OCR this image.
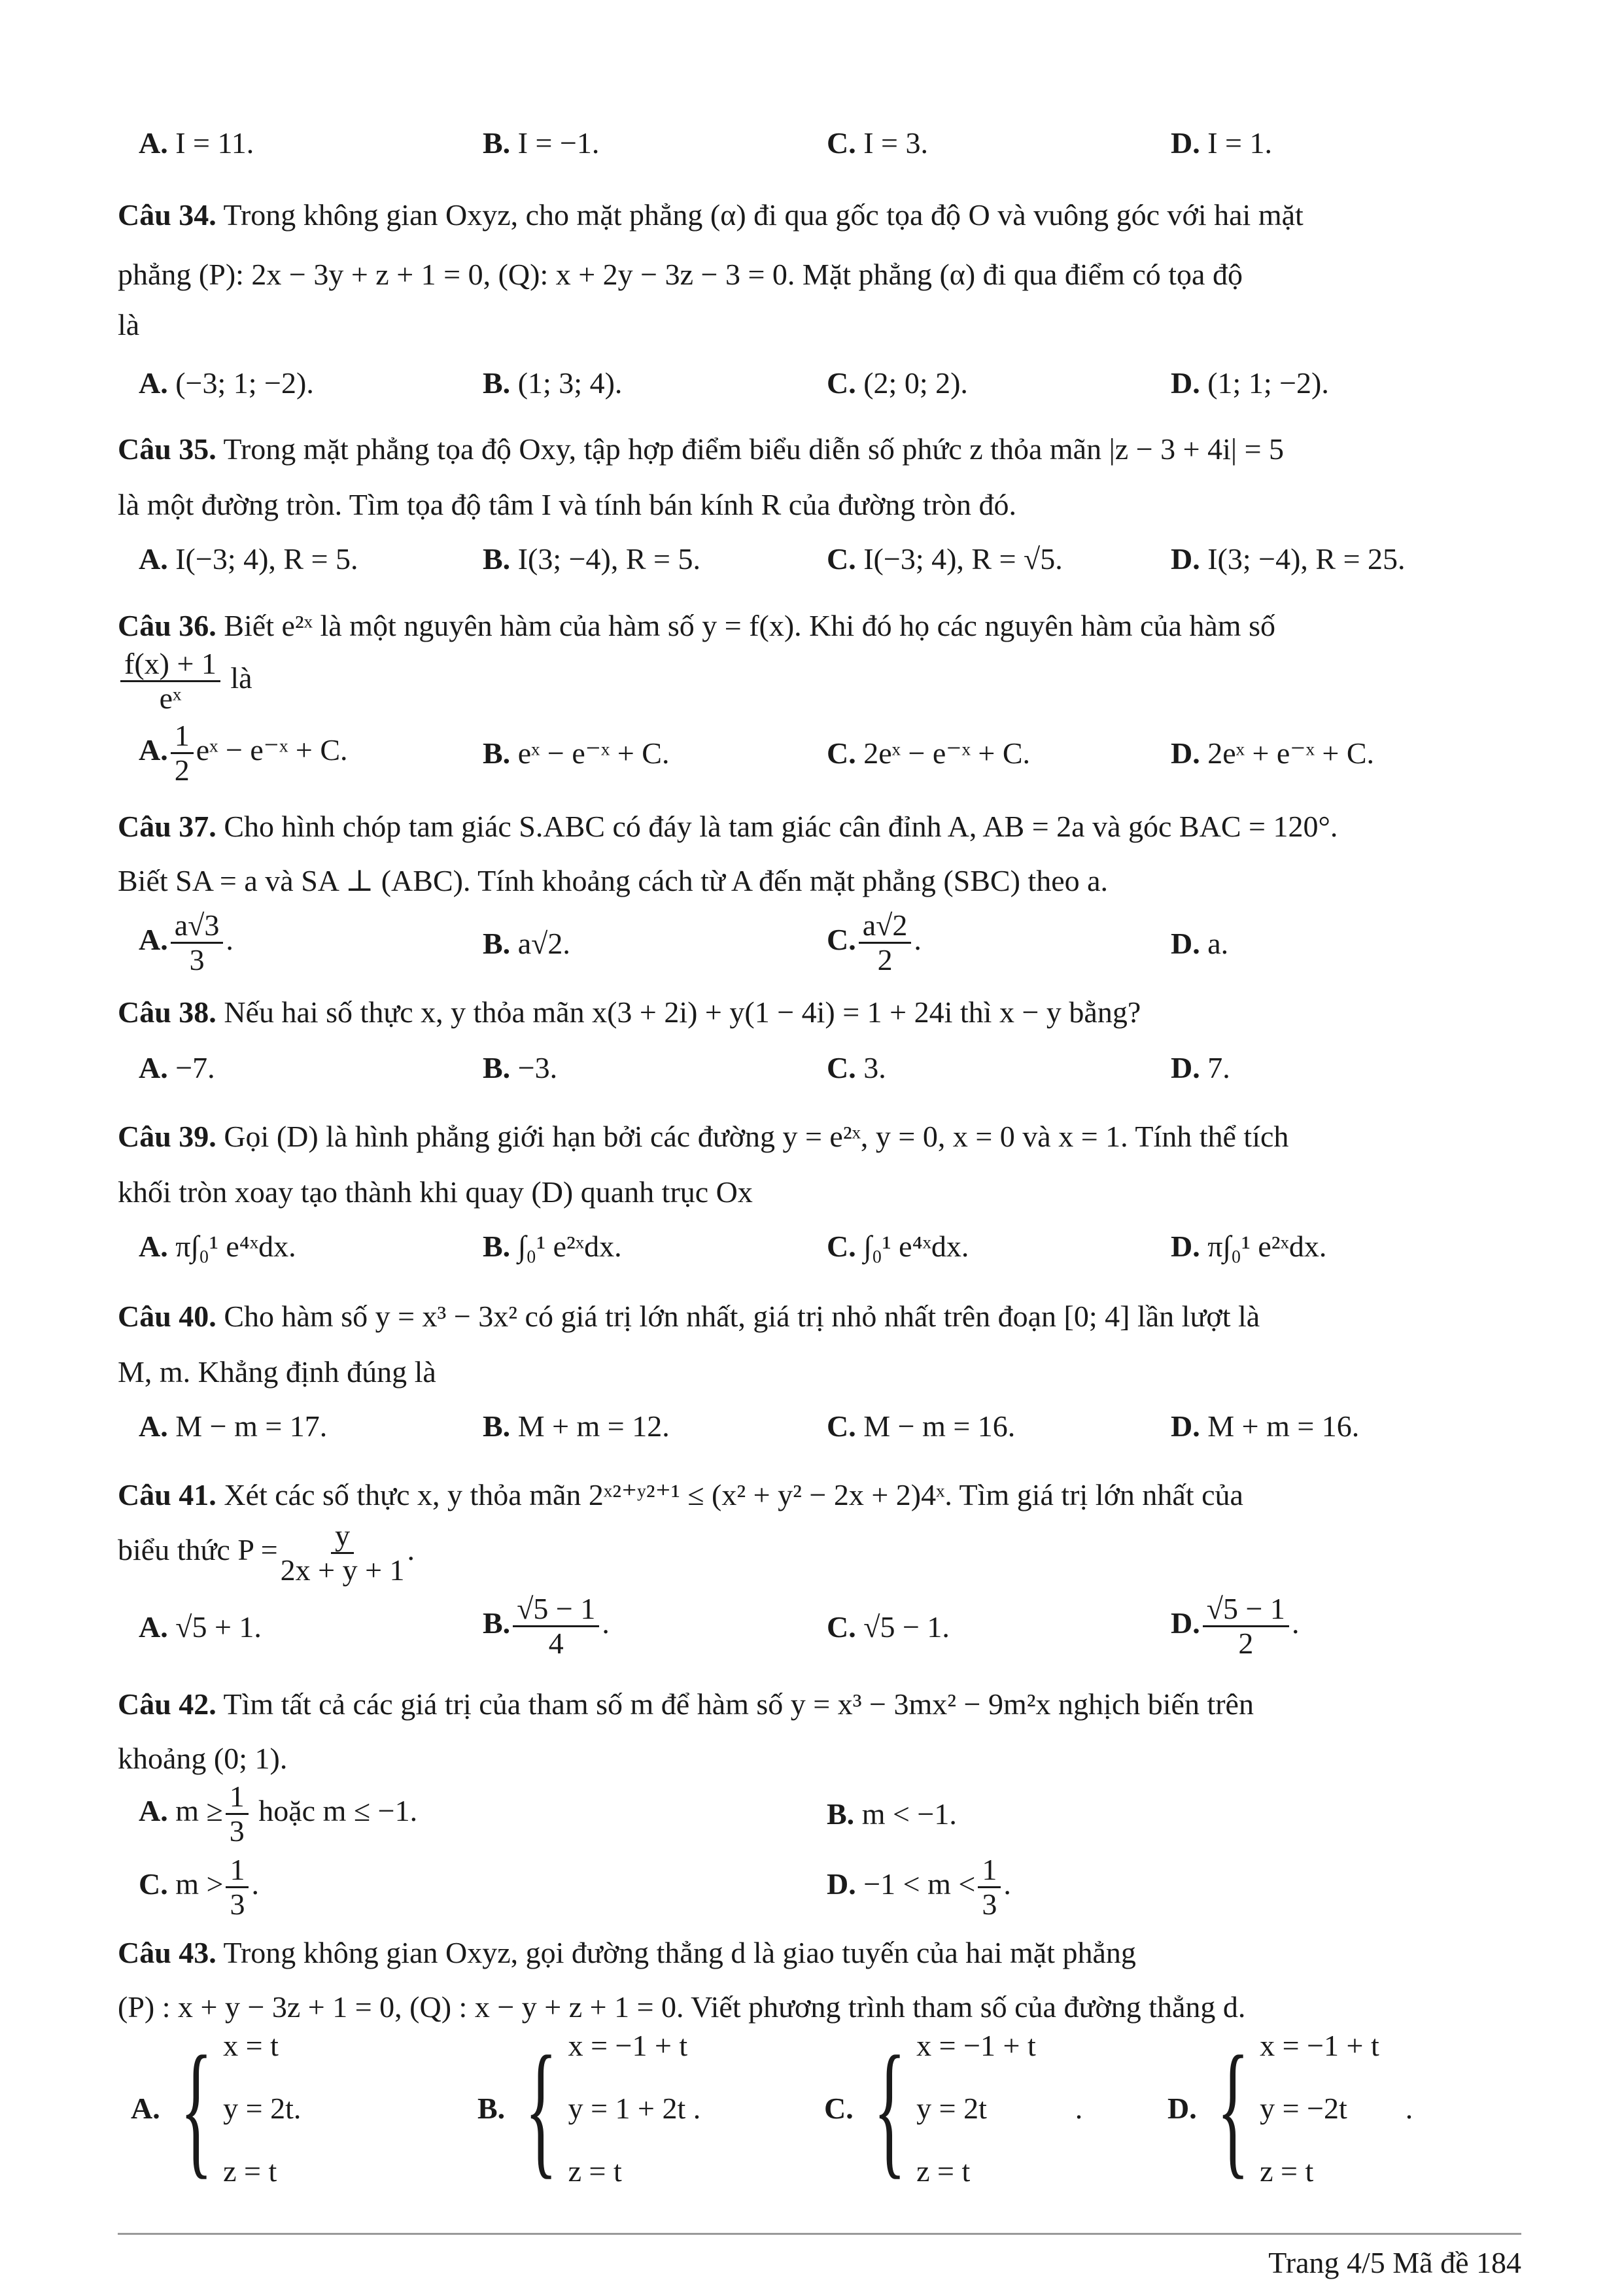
A. I = 11.	B. I = −1.	C. I = 3.	D. I = 1.
Câu 34. Trong không gian Oxyz, cho mặt phẳng (α) đi qua gốc tọa độ O và vuông góc với hai mặt
phẳng (P): 2x − 3y + z + 1 = 0, (Q): x + 2y − 3z − 3 = 0. Mặt phẳng (α) đi qua điểm có tọa độ
là
A. (−3; 1; −2).	B. (1; 3; 4).	C. (2; 0; 2).	D. (1; 1; −2).
Câu 35. Trong mặt phẳng tọa độ Oxy, tập hợp điểm biểu diễn số phức z thỏa mãn |z − 3 + 4i| = 5
là một đường tròn. Tìm tọa độ tâm I và tính bán kính R của đường tròn đó.
A. I(−3; 4), R = 5.	B. I(3; −4), R = 5.	C. I(−3; 4), R = √5.	D. I(3; −4), R = 25.
Câu 36. Biết e²ˣ là một nguyên hàm của hàm số y = f(x). Khi đó họ các nguyên hàm của hàm số
$\frac{f(x) + 1}{\text{eˣ}}$ là
A. $\frac{1}{2}$ eˣ − e⁻ˣ + C.	B. eˣ − e⁻ˣ + C.	C. 2eˣ − e⁻ˣ + C.	D. 2eˣ + e⁻ˣ + C.
Câu 37. Cho hình chóp tam giác S.ABC có đáy là tam giác cân đỉnh A, AB = 2a và góc BAC = 120°.
Biết SA = a và SA ⊥ (ABC). Tính khoảng cách từ A đến mặt phẳng (SBC) theo a.
A. $\frac{a√3}{3}$ .	B. a√2.	C. $\frac{a√2}{2}$ .	D. a.
Câu 38. Nếu hai số thực x, y thỏa mãn x(3 + 2i) + y(1 − 4i) = 1 + 24i thì x − y bằng?
A. −7.	B. −3.	C. 3.	D. 7.
Câu 39. Gọi (D) là hình phẳng giới hạn bởi các đường y = e²ˣ, y = 0, x = 0 và x = 1. Tính thể tích
khối tròn xoay tạo thành khi quay (D) quanh trục Ox
A. π∫₀¹ e⁴ˣdx.	B. ∫₀¹ e²ˣdx.	C. ∫₀¹ e⁴ˣdx.	D. π∫₀¹ e²ˣdx.
Câu 40. Cho hàm số y = x³ − 3x² có giá trị lớn nhất, giá trị nhỏ nhất trên đoạn [0; 4] lần lượt là
M, m. Khẳng định đúng là
A. M − m = 17.	B. M + m = 12.	C. M − m = 16.	D. M + m = 16.
Câu 41. Xét các số thực x, y thỏa mãn 2ˣ²⁺ʸ²⁺¹ ≤ (x² + y² − 2x + 2)4ˣ. Tìm giá trị lớn nhất của
biểu thức $P = \frac{y}{2x + y + 1}$ .
A. √5 + 1.	B. $\frac{√5 - 1}{4}$ .	C. √5 − 1.	D. $\frac{√5 - 1}{2}$ .
Câu 42. Tìm tất cả các giá trị của tham số m để hàm số y = x³ − 3mx² − 9m²x nghịch biến trên
khoảng (0; 1).
A. $m \ge \frac{1}{3}$ hoặc m ≤ −1.	B. m < −1.
C. $m > \frac{1}{3}$ .	D. $-1 < m < \frac{1}{3}$ .
Câu 43. Trong không gian Oxyz, gọi đường thẳng d là giao tuyến của hai mặt phẳng
(P) : x + y − 3z + 1 = 0, (Q) : x − y + z + 1 = 0. Viết phương trình tham số của đường thẳng d.
A. { x = t
y = 2t.
z = t
B. { x = −1 + t
y = 1 + 2t .
z = t
C. { x = −1 + t
y = 2t
z = t
.	D. { x = −1 + t
y = −2t
z = t
.
Trang 4/5 Mã đề 184
